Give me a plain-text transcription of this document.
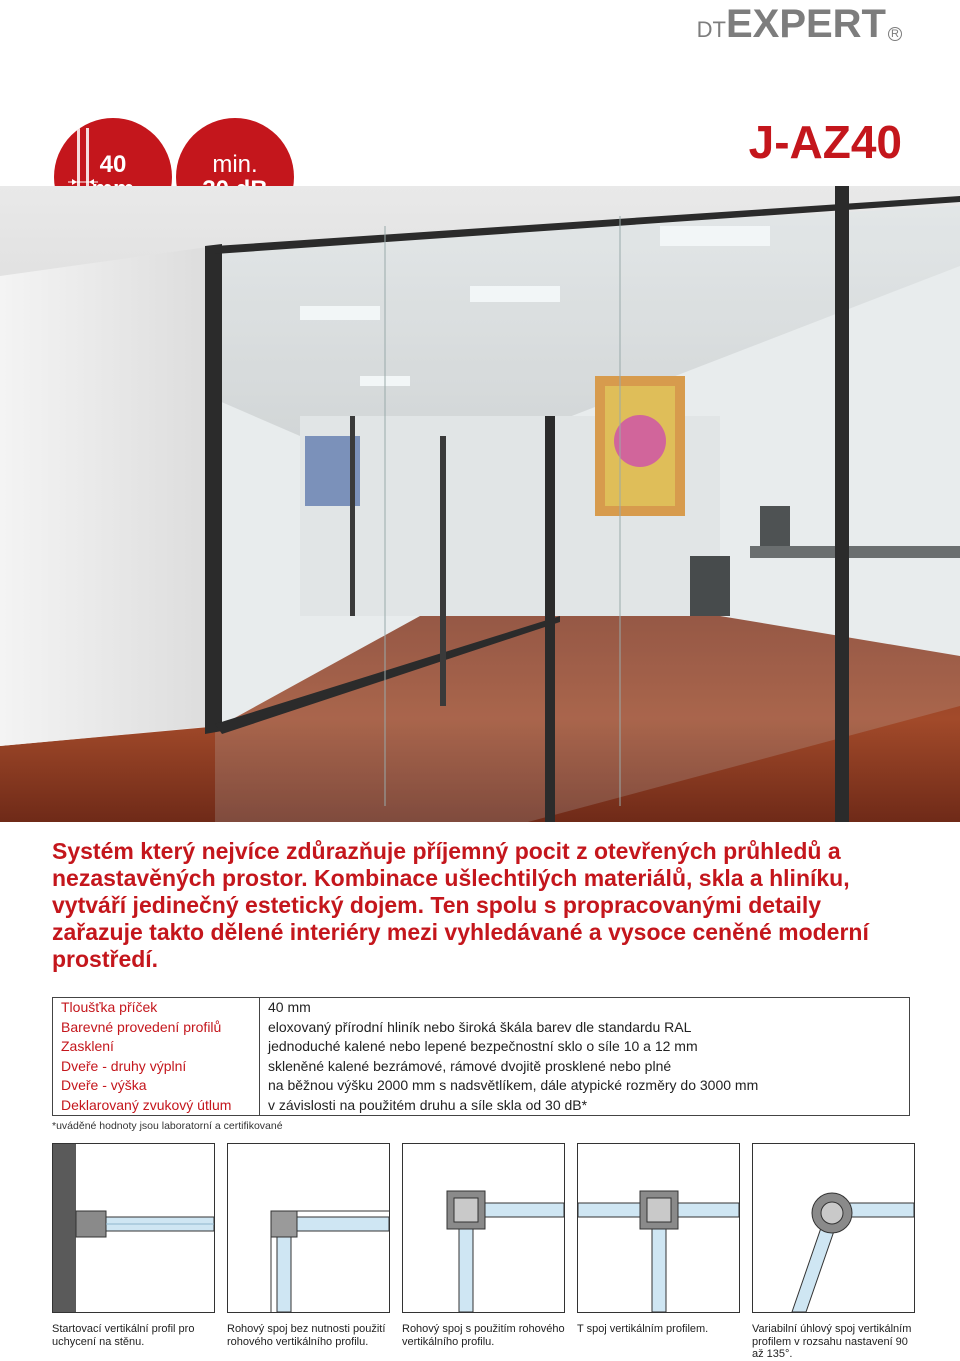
DT EXPERT R
40	min.	J-AZ40

Systém který nejvíce zdůrazňuje příjemný pocit z otevřených průhledů a nezastavěných prostor. Kombinace ušlechtilých materiálů, skla a hliníku, vytváří jedinečný estetický dojem. Ten spolu s propracovanými detaily zařazuje takto dělené interiéry mezi vyhledávané a vysoce ceněné moderní prostředí.

Tloušťka příček	40 mm
Barevné provedení profilů	eloxovaný přírodní hliník nebo široká škála barev dle standardu RAL
Zasklení	jednoduché kalené nebo lepené bezpečnostní sklo o síle 10 a 12 mm
Dveře - druhy výplní	skleněné kalené bezrámové, rámové dvojitě prosklené nebo plné
Dveře - výška	na běžnou výšku 2000 mm s nadsvětlíkem, dále atypické rozměry do 3000 mm
Deklarovaný zvukový útlum	v závislosti na použitém druhu a síle skla od 30 dB*
*uváděné hodnoty jsou laboratorní a certifikované
Startovací vertikální profil pro uchycení na stěnu.
Rohový spoj bez nutnosti použití rohového vertikálního profilu.
Rohový spoj s použitím rohového vertikálního profilu.
T spoj vertikálním profilem.	Variabilní úhlový spoj vertikálním profilem v rozsahu nastavení 90 až 135°.
